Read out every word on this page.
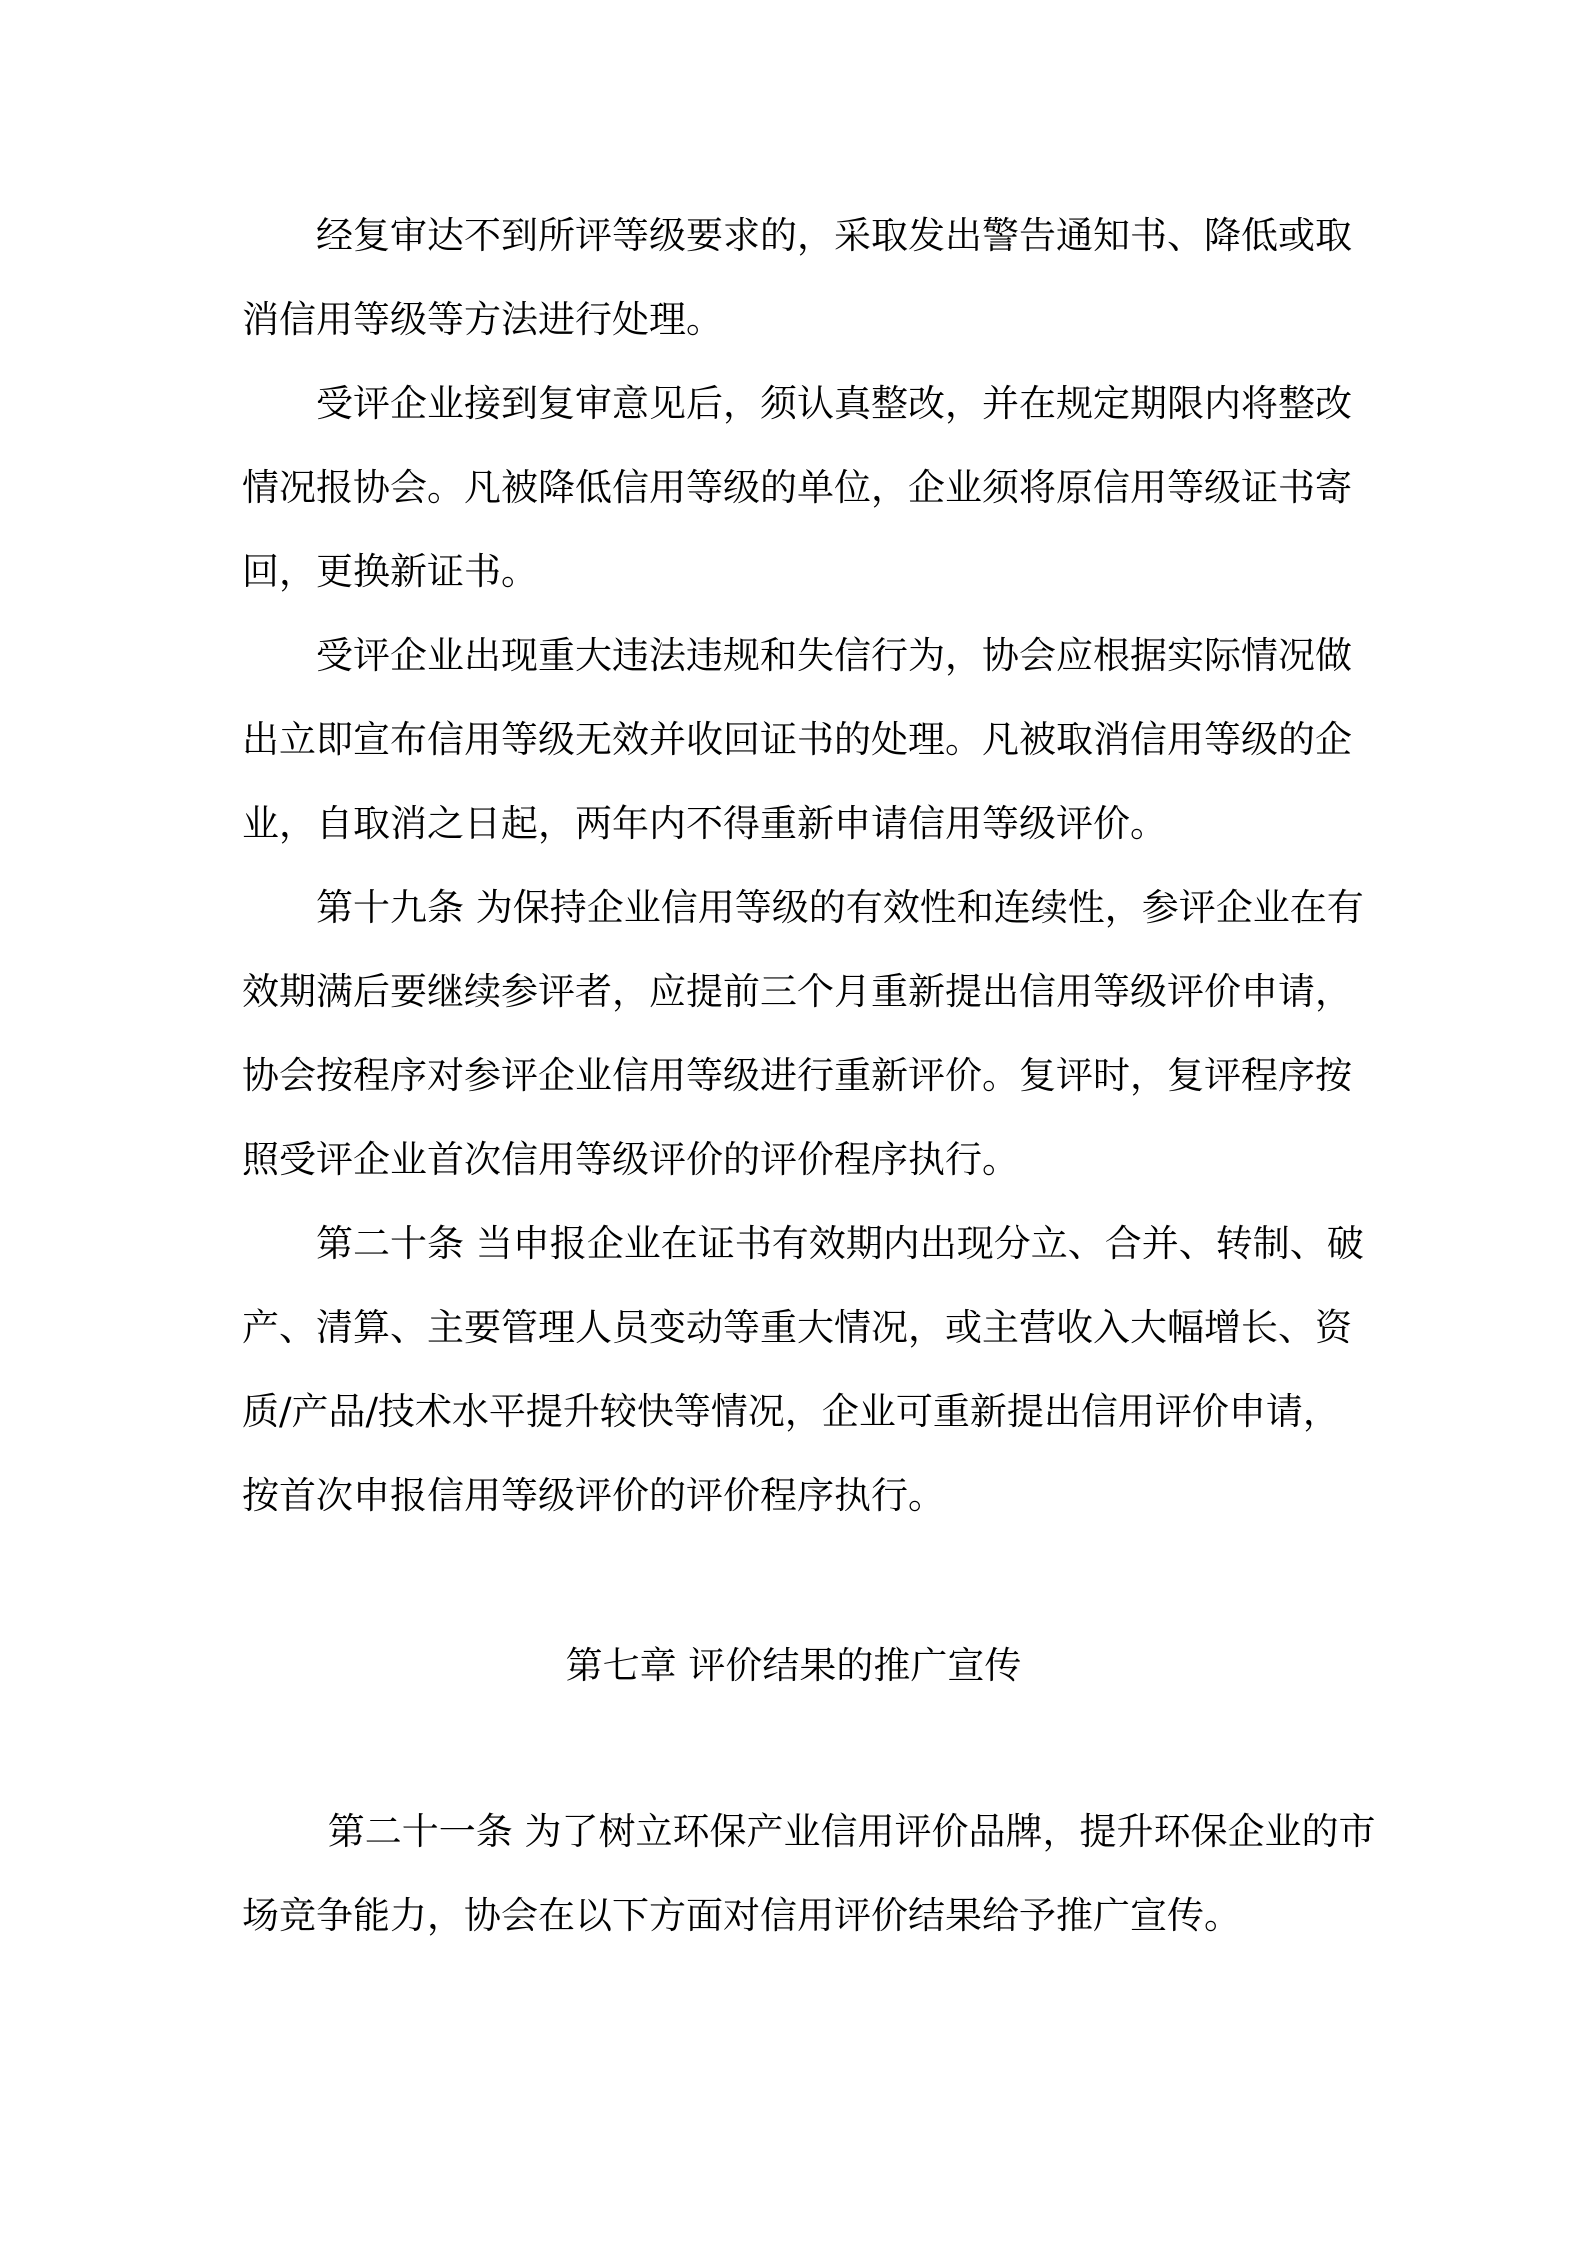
　　经复审达不到所评等级要求的，采取发出警告通知书、降低或取
消信用等级等方法进行处理。
　　受评企业接到复审意见后，须认真整改，并在规定期限内将整改
情况报协会。凡被降低信用等级的单位，企业须将原信用等级证书寄
回，更换新证书。
　　受评企业出现重大违法违规和失信行为，协会应根据实际情况做
出立即宣布信用等级无效并收回证书的处理。凡被取消信用等级的企
业，自取消之日起，两年内不得重新申请信用等级评价。
　　第十九条 为保持企业信用等级的有效性和连续性，参评企业在有
效期满后要继续参评者，应提前三个月重新提出信用等级评价申请，
协会按程序对参评企业信用等级进行重新评价。复评时，复评程序按
照受评企业首次信用等级评价的评价程序执行。
　　第二十条 当申报企业在证书有效期内出现分立、合并、转制、破
产、清算、主要管理人员变动等重大情况，或主营收入大幅增长、资
质/产品/技术水平提升较快等情况，企业可重新提出信用评价申请，
按首次申报信用等级评价的评价程序执行。
第七章 评价结果的推广宣传
　　 第二十一条 为了树立环保产业信用评价品牌，提升环保企业的市
场竞争能力，协会在以下方面对信用评价结果给予推广宣传。
